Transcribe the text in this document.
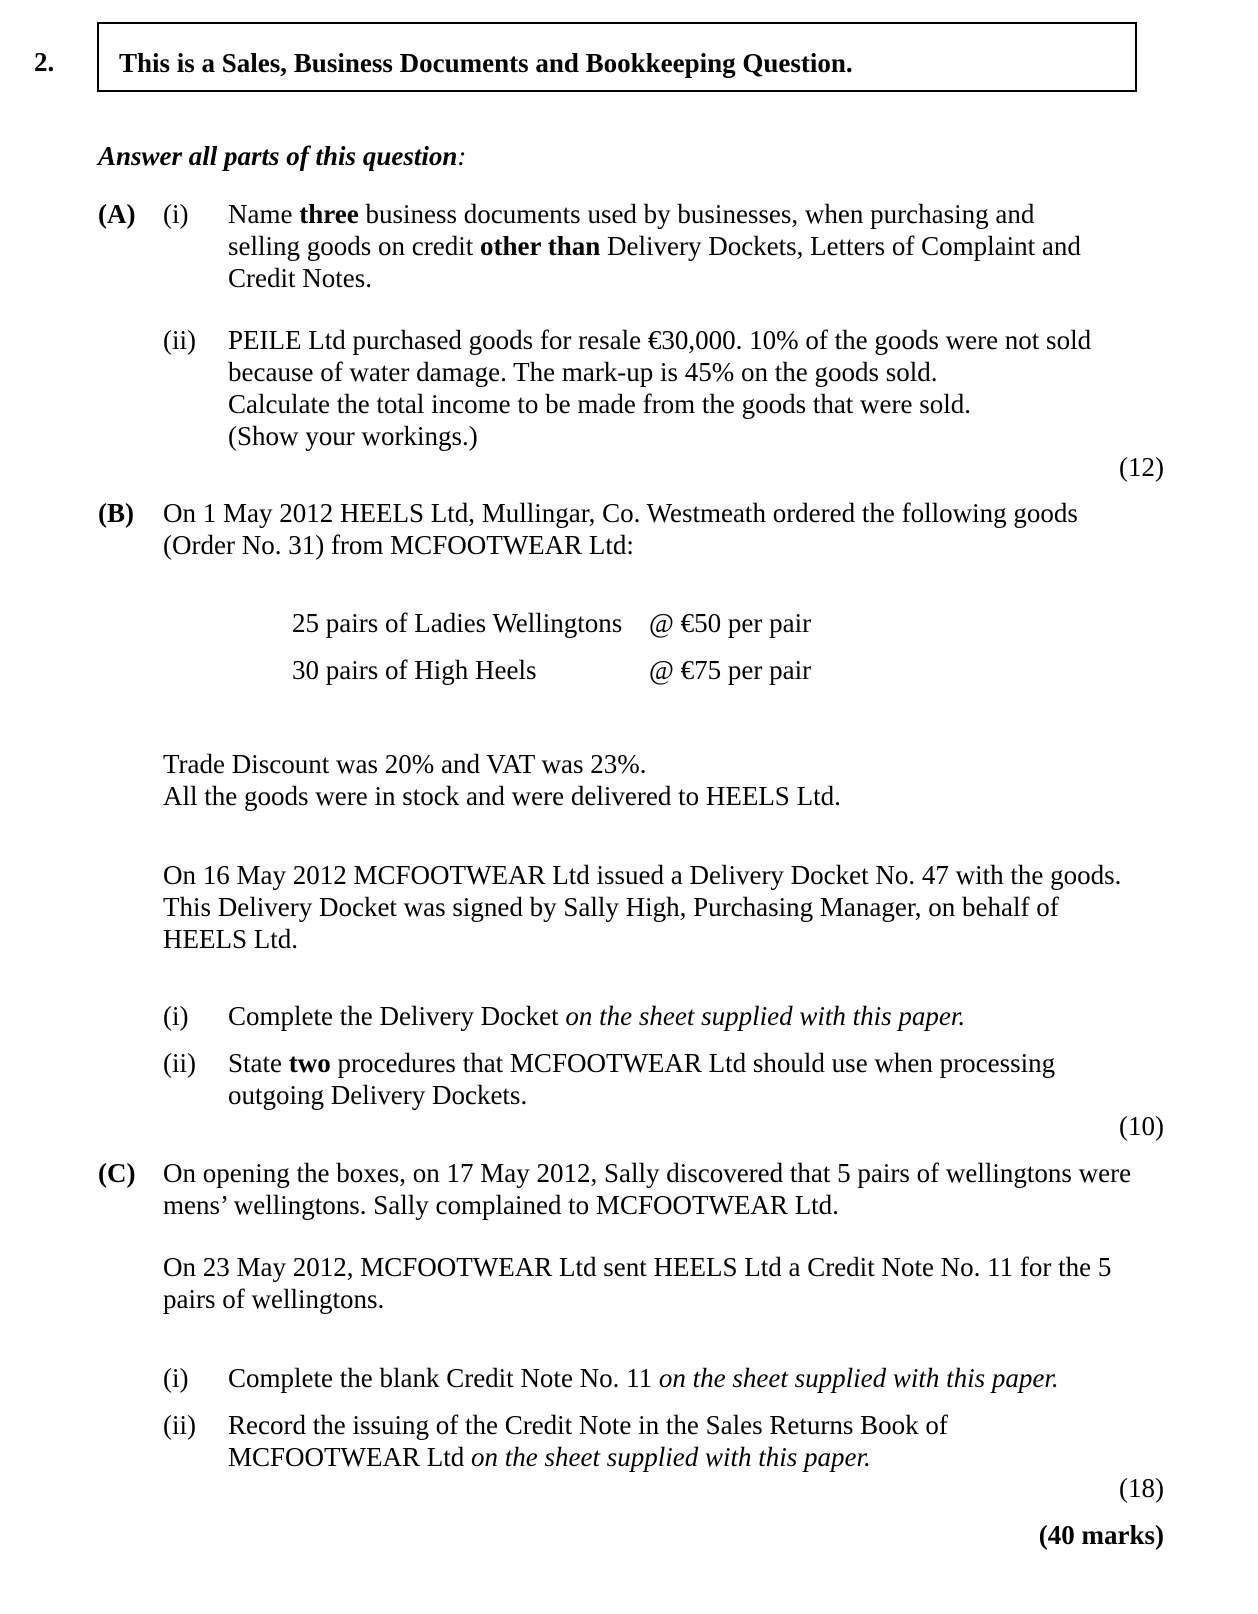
2. This is a Sales, Business Documents and Bookkeeping Question.
Answer all parts of this question:
(A) (i) Name three business documents used by businesses, when purchasing and
selling goods on credit other than Delivery Dockets, Letters of Complaint and
Credit Notes.
(ii) PEILE Ltd purchased goods for resale €30,000. 10% of the goods were not sold
because of water damage. The mark-up is 45% on the goods sold.
Calculate the total income to be made from the goods that were sold.
(Show your workings.)
(12)
(B) On 1 May 2012 HEELS Ltd, Mullingar, Co. Westmeath ordered the following goods
(Order No. 31) from MCFOOTWEAR Ltd:
25 pairs of Ladies Wellingtons @ €50 per pair
30 pairs of High Heels	@ €75 per pair
Trade Discount was 20% and VAT was 23%.
All the goods were in stock and were delivered to HEELS Ltd.
On 16 May 2012 MCFOOTWEAR Ltd issued a Delivery Docket No. 47 with the goods.
This Delivery Docket was signed by Sally High, Purchasing Manager, on behalf of
HEELS Ltd.
(i) Complete the Delivery Docket on the sheet supplied with this paper.
(ii) State two procedures that MCFOOTWEAR Ltd should use when processing
outgoing Delivery Dockets.
(10)
(C) On opening the boxes, on 17 May 2012, Sally discovered that 5 pairs of wellingtons were
mens’ wellingtons. Sally complained to MCFOOTWEAR Ltd.
On 23 May 2012, MCFOOTWEAR Ltd sent HEELS Ltd a Credit Note No. 11 for the 5
pairs of wellingtons.
(i) Complete the blank Credit Note No. 11 on the sheet supplied with this paper.
(ii) Record the issuing of the Credit Note in the Sales Returns Book of
MCFOOTWEAR Ltd on the sheet supplied with this paper.
(18)
(40 marks)
